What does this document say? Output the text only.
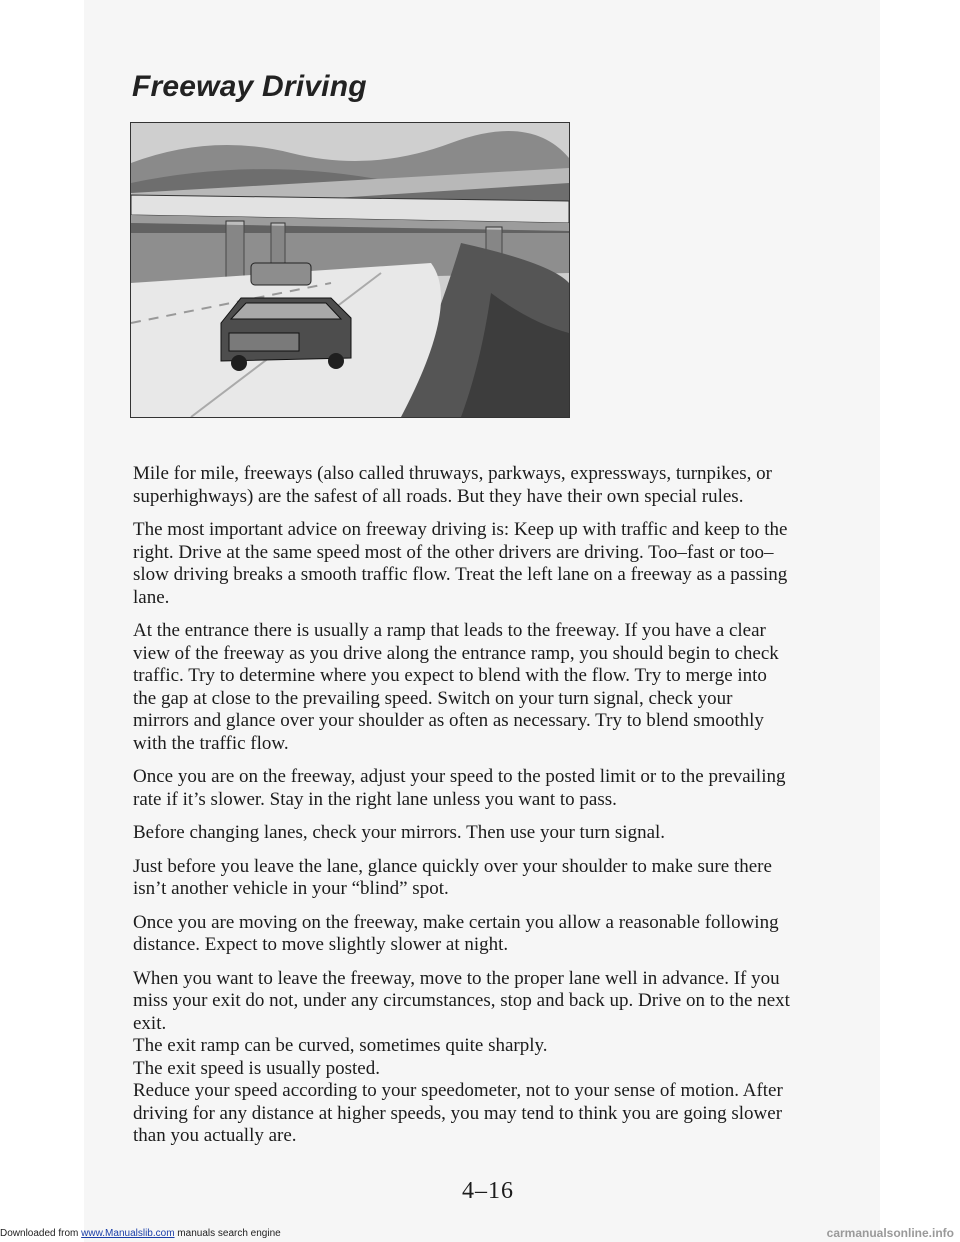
Freeway Driving

Mile for mile, freeways (also called thruways, parkways, expressways, turnpikes, or superhighways) are the safest of all roads. But they have their own special rules.

The most important advice on freeway driving is: Keep up with traffic and keep to the right. Drive at the same speed most of the other drivers are driving. Too–fast or too–slow driving breaks a smooth traffic flow. Treat the left lane on a freeway as a passing lane.

At the entrance there is usually a ramp that leads to the freeway. If you have a clear view of the freeway as you drive along the entrance ramp, you should begin to check traffic. Try to determine where you expect to blend with the flow. Try to merge into the gap at close to the prevailing speed. Switch on your turn signal, check your mirrors and glance over your shoulder as often as necessary. Try to blend smoothly with the traffic flow.

Once you are on the freeway, adjust your speed to the posted limit or to the prevailing rate if it’s slower. Stay in the right lane unless you want to pass.

Before changing lanes, check your mirrors. Then use your turn signal.

Just before you leave the lane, glance quickly over your shoulder to make sure there isn’t another vehicle in your “blind” spot.

Once you are moving on the freeway, make certain you allow a reasonable following distance. Expect to move slightly slower at night.

When you want to leave the freeway, move to the proper lane well in advance. If you miss your exit do not, under any circumstances, stop and back up. Drive on to the next exit.

The exit ramp can be curved, sometimes quite sharply.

The exit speed is usually posted.

Reduce your speed according to your speedometer, not to your sense of motion. After driving for any distance at higher speeds, you may tend to think you are going slower than you actually are.

4–16
Downloaded from www.Manualslib.com manuals search engine	carmanualsonline.info
